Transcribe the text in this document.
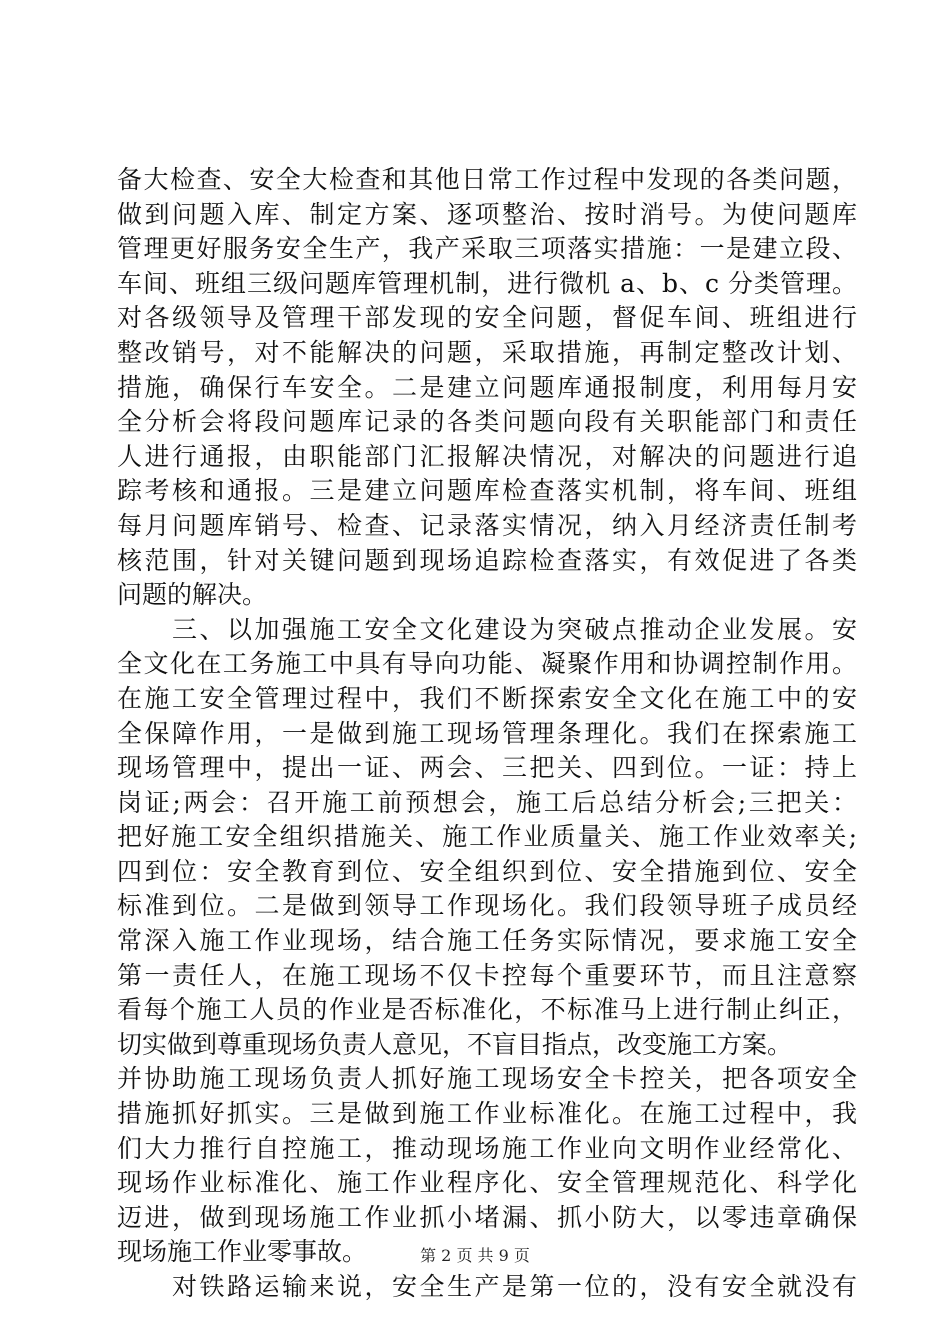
备大检查、安全大检查和其他日常工作过程中发现的各类问题，
做到问题入库、制定方案、逐项整治、按时消号。为使问题库
管理更好服务安全生产，我产采取三项落实措施：一是建立段、
车间、班组三级问题库管理机制，进行微机 a、b、c 分类管理。
对各级领导及管理干部发现的安全问题，督促车间、班组进行
整改销号，对不能解决的问题，采取措施，再制定整改计划、
措施，确保行车安全。二是建立问题库通报制度，利用每月安
全分析会将段问题库记录的各类问题向段有关职能部门和责任
人进行通报，由职能部门汇报解决情况，对解决的问题进行追
踪考核和通报。三是建立问题库检查落实机制，将车间、班组
每月问题库销号、检查、记录落实情况，纳入月经济责任制考
核范围，针对关键问题到现场追踪检查落实，有效促进了各类
问题的解决。
　　三、以加强施工安全文化建设为突破点推动企业发展。安
全文化在工务施工中具有导向功能、凝聚作用和协调控制作用。
在施工安全管理过程中，我们不断探索安全文化在施工中的安
全保障作用，一是做到施工现场管理条理化。我们在探索施工
现场管理中，提出一证、两会、三把关、四到位。一证：持上
岗证;两会：召开施工前预想会，施工后总结分析会;三把关：
把好施工安全组织措施关、施工作业质量关、施工作业效率关;
四到位：安全教育到位、安全组织到位、安全措施到位、安全
标准到位。二是做到领导工作现场化。我们段领导班子成员经
常深入施工作业现场，结合施工任务实际情况，要求施工安全
第一责任人，在施工现场不仅卡控每个重要环节，而且注意察
看每个施工人员的作业是否标准化，不标准马上进行制止纠正，
切实做到尊重现场负责人意见，不盲目指点，改变施工方案。
并协助施工现场负责人抓好施工现场安全卡控关，把各项安全
措施抓好抓实。三是做到施工作业标准化。在施工过程中，我
们大力推行自控施工，推动现场施工作业向文明作业经常化、
现场作业标准化、施工作业程序化、安全管理规范化、科学化
迈进，做到现场施工作业抓小堵漏、抓小防大，以零违章确保
现场施工作业零事故。
　　对铁路运输来说，安全生产是第一位的，没有安全就没有
第 2 页 共 9 页
